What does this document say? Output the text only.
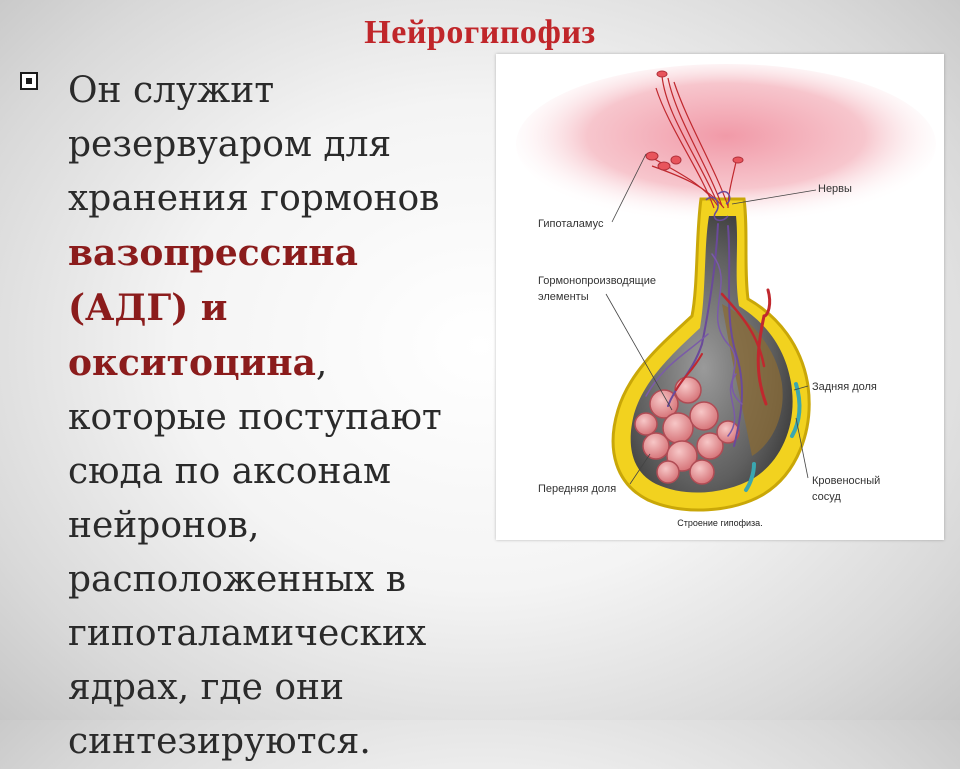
Нейрогипофиз

Он служит резервуаром для хранения гормонов вазопрессина (АДГ) и окситоцина, которые поступают сюда по аксонам нейронов, расположенных в гипоталамических ядрах, где они синтезируются.

Гипоталамус
Нервы
Гормонопроизводящие
элементы
Задняя доля
Кровеносный
сосуд
Передняя доля
Строение гипофиза.
